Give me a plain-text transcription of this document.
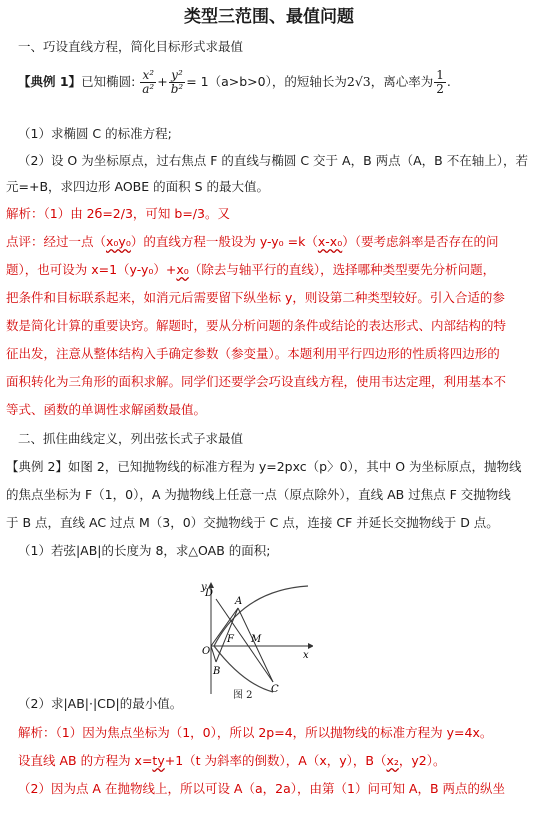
类型三范围、最值问题
一、巧设直线方程，简化目标形式求最值
【典例 1】已知椭圆: $\frac{\text{x²}}{\text{a²}} + \frac{\text{y²}}{\text{b²}} = 1(a>b>0)$，的短轴长为2√3，离心率为 $\frac{1}{2}$ .
（1）求椭圆 C 的标准方程;
（2）设 O 为坐标原点，过右焦点 F 的直线与椭圆 C 交于 A，B 两点（A，B 不在轴上），若
元=+B，求四边形 AOBE 的面积 S 的最大值。
解析：（1）由 2б=2/3，可知 b=/3。又
点评：经过一点（x₀y₀）的直线方程一般设为 y-y₀ =k（x-x₀）（要考虑斜率是否存在的问
题），也可设为 x=1（y-y₀）+x₀（除去与轴平行的直线），选择哪种类型要先分析问题，
把条件和目标联系起来，如消元后需要留下纵坐标 y，则设第二种类型较好。引入合适的参
数是简化计算的重要诀窍。解题时，要从分析问题的条件或结论的表达形式、内部结构的特
征出发，注意从整体结构入手确定参数（参变量）。本题利用平行四边形的性质将四边形的
面积转化为三角形的面积求解。同学们还要学会巧设直线方程，使用韦达定理，利用基本不
等式、函数的单调性求解函数最值。
二、抓住曲线定义，列出弦长式子求最值
【典例 2】如图 2，已知抛物线的标准方程为 y=2pxc（p〉0），其中 O 为坐标原点，抛物线
的焦点坐标为 F（1，0），A 为抛物线上任意一点（原点除外），直线 AB 过焦点 F 交抛物线
于 B 点，直线 AC 过点 M（3，0）交抛物线于 C 点，连接 CF 并延长交抛物线于 D 点。
（1）若弦|AB|的长度为 8，求△OAB 的面积;
D
A
O
F M
B
C
x
y
图 2
（2）求|AB|·|CD|的最小值。
解析：（1）因为焦点坐标为（1，0），所以 2p=4，所以抛物线的标准方程为 y=4x。
设直线 AB 的方程为 x=ty+1（t 为斜率的倒数），A（x，y），B（x₂，y2）。
（2）因为点 A 在抛物线上，所以可设 A（a，2a），由第（1）问可知 A，B 两点的纵坐
